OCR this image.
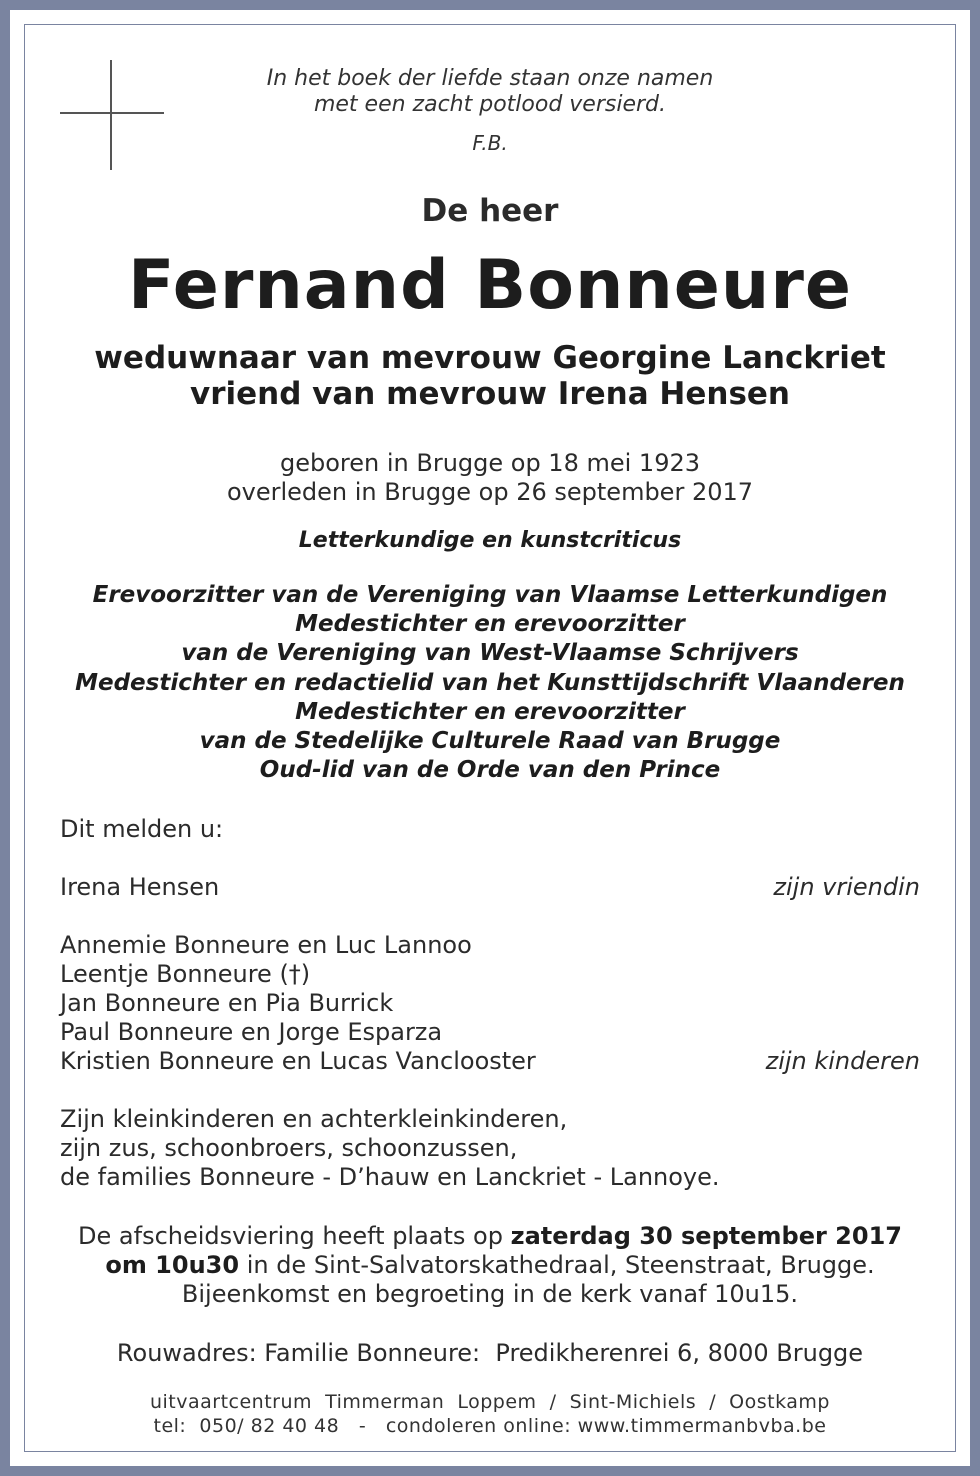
In het boek der liefde staan onze namen
met een zacht potlood versierd.
F.B.
De heer
Fernand Bonneure
weduwnaar van mevrouw Georgine Lanckriet
vriend van mevrouw Irena Hensen
geboren in Brugge op 18 mei 1923
overleden in Brugge op 26 september 2017
Letterkundige en kunstcriticus
Erevoorzitter van de Vereniging van Vlaamse Letterkundigen
Medestichter en erevoorzitter
van de Vereniging van West-Vlaamse Schrijvers
Medestichter en redactielid van het Kunsttijdschrift Vlaanderen
Medestichter en erevoorzitter
van de Stedelijke Culturele Raad van Brugge
Oud-lid van de Orde van den Prince
Dit melden u:
Irena Hensen	zijn vriendin
Annemie Bonneure en Luc Lannoo
Leentje Bonneure (†)
Jan Bonneure en Pia Burrick
Paul Bonneure en Jorge Esparza
Kristien Bonneure en Lucas Vanclooster	zijn kinderen
Zijn kleinkinderen en achterkleinkinderen,
zijn zus, schoonbroers, schoonzussen,
de families Bonneure - D’hauw en Lanckriet - Lannoye.
De afscheidsviering heeft plaats op zaterdag 30 september 2017
om 10u30 in de Sint-Salvatorskathedraal, Steenstraat, Brugge.
Bijeenkomst en begroeting in de kerk vanaf 10u15.
Rouwadres: Familie Bonneure:  Predikherenrei 6, 8000 Brugge
uitvaartcentrum  Timmerman  Loppem  /  Sint-Michiels  /  Oostkamp
tel:  050/ 82 40 48   -   condoleren online: www.timmermanbvba.be
